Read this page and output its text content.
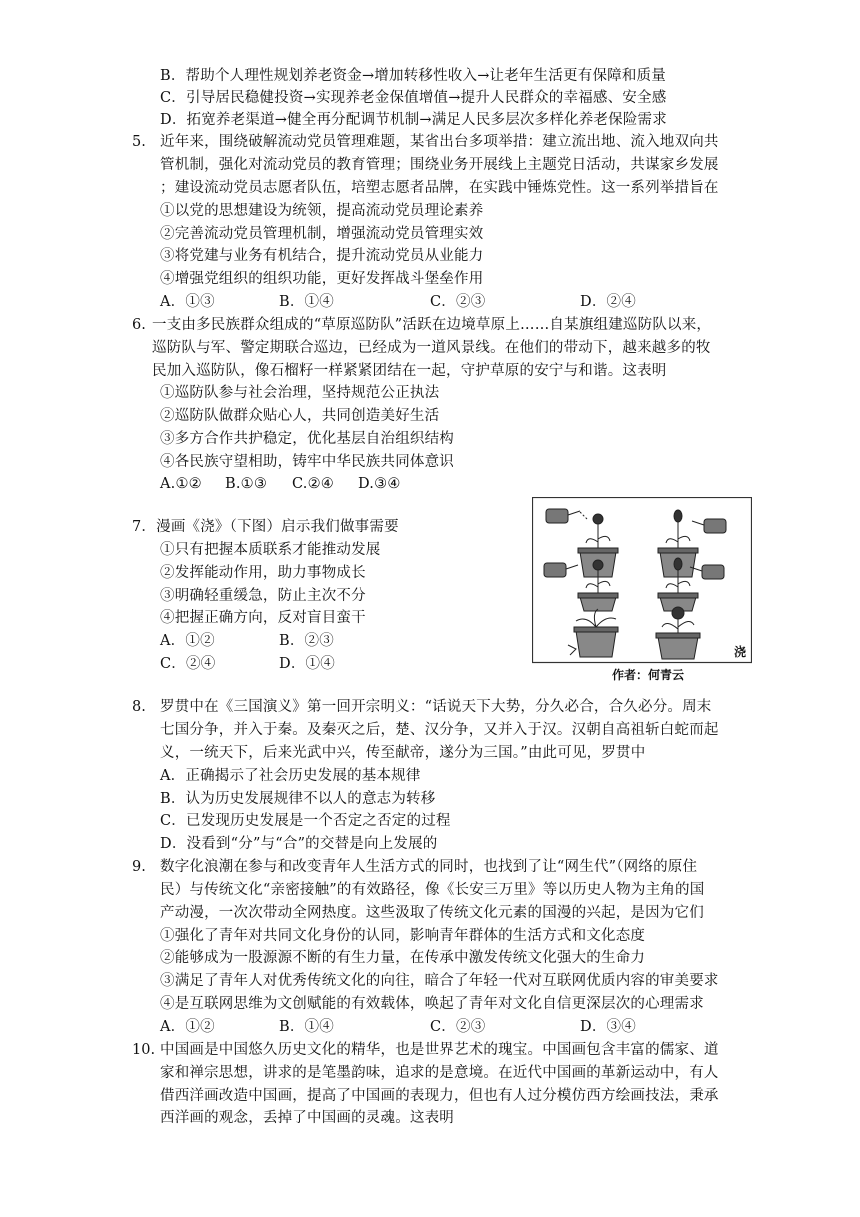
B．帮助个人理性规划养老资金→增加转移性收入→让老年生活更有保障和质量
C．引导居民稳健投资→实现养老金保值增值→提升人民群众的幸福感、安全感
D．拓宽养老渠道→健全再分配调节机制→满足人民多层次多样化养老保险需求
5. 近年来，围绕破解流动党员管理难题，某省出台多项举措：建立流出地、流入地双向共
管机制，强化对流动党员的教育管理；围绕业务开展线上主题党日活动，共谋家乡发展
；建设流动党员志愿者队伍，培塑志愿者品牌，在实践中锤炼党性。这一系列举措旨在
①以党的思想建设为统领，提高流动党员理论素养
②完善流动党员管理机制，增强流动党员管理实效
③将党建与业务有机结合，提升流动党员从业能力
④增强党组织的组织功能，更好发挥战斗堡垒作用
A．①③	B．①④	C．②③	D．②④
6. 一支由多民族群众组成的“草原巡防队”活跃在边境草原上……自某旗组建巡防队以来，
巡防队与军、警定期联合巡边，已经成为一道风景线。在他们的带动下，越来越多的牧
民加入巡防队，像石榴籽一样紧紧团结在一起，守护草原的安宁与和谐。这表明
①巡防队参与社会治理，坚持规范公正执法
②巡防队做群众贴心人，共同创造美好生活
③多方合作共护稳定，优化基层自治组织结构
④各民族守望相助，铸牢中华民族共同体意识
A.①② B.①③ C.②④ D.③④
7．漫画《浇》（下图）启示我们做事需要
①只有把握本质联系才能推动发展
②发挥能动作用，助力事物成长
③明确轻重缓急，防止主次不分
④把握正确方向，反对盲目蛮干
A．①②	B．②③
C．②④	D．①④
浇
作者：何青云
8. 罗贯中在《三国演义》第一回开宗明义：“话说天下大势，分久必合，合久必分。周末
七国分争，并入于秦。及秦灭之后，楚、汉分争，又并入于汉。汉朝自高祖斩白蛇而起
义，一统天下，后来光武中兴，传至献帝，遂分为三国。”由此可见，罗贯中
A．正确揭示了社会历史发展的基本规律
B．认为历史发展规律不以人的意志为转移
C．已发现历史发展是一个否定之否定的过程
D．没看到“分”与“合”的交替是向上发展的
9. 数字化浪潮在参与和改变青年人生活方式的同时，也找到了让“网生代”（网络的原住
民）与传统文化“亲密接触”的有效路径，像《长安三万里》等以历史人物为主角的国
产动漫，一次次带动全网热度。这些汲取了传统文化元素的国漫的兴起，是因为它们
①强化了青年对共同文化身份的认同，影响青年群体的生活方式和文化态度
②能够成为一股源源不断的有生力量，在传承中激发传统文化强大的生命力
③满足了青年人对优秀传统文化的向往，暗合了年轻一代对互联网优质内容的审美要求
④是互联网思维为文创赋能的有效载体，唤起了青年对文化自信更深层次的心理需求
A．①②	B．①④	C．②③	D．③④
10. 中国画是中国悠久历史文化的精华，也是世界艺术的瑰宝。中国画包含丰富的儒家、道
家和禅宗思想，讲求的是笔墨韵味，追求的是意境。在近代中国画的革新运动中，有人
借西洋画改造中国画，提高了中国画的表现力，但也有人过分模仿西方绘画技法，秉承
西洋画的观念，丢掉了中国画的灵魂。这表明
